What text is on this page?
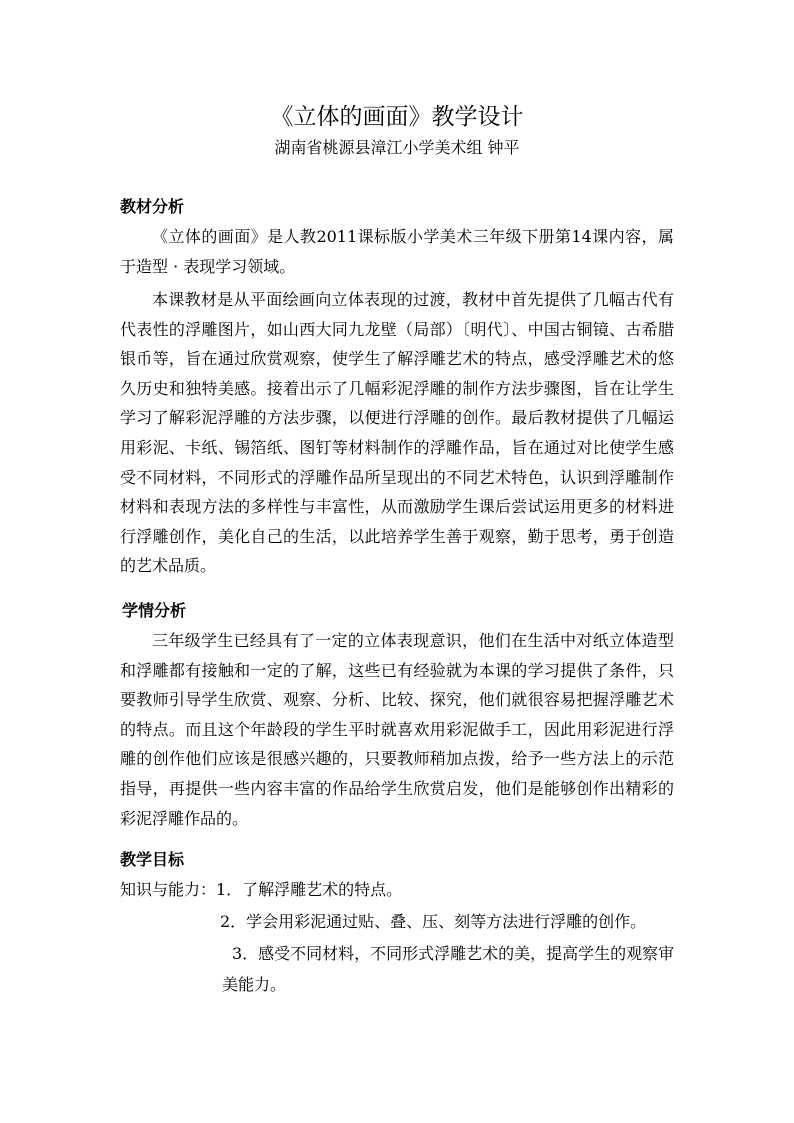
《立体的画面》教学设计
湖南省桃源县漳江小学美术组 钟平
教材分析

《立体的画面》是人教2011课标版小学美术三年级下册第14课内容，属于造型 · 表现学习领域。

本课教材是从平面绘画向立体表现的过渡，教材中首先提供了几幅古代有代表性的浮雕图片，如山西大同九龙壁（局部）〔明代〕、中国古铜镜、古希腊银币等，旨在通过欣赏观察，使学生了解浮雕艺术的特点，感受浮雕艺术的悠久历史和独特美感。接着出示了几幅彩泥浮雕的制作方法步骤图，旨在让学生学习了解彩泥浮雕的方法步骤，以便进行浮雕的创作。最后教材提供了几幅运用彩泥、卡纸、锡箔纸、图钉等材料制作的浮雕作品，旨在通过对比使学生感受不同材料，不同形式的浮雕作品所呈现出的不同艺术特色，认识到浮雕制作材料和表现方法的多样性与丰富性，从而激励学生课后尝试运用更多的材料进行浮雕创作，美化自己的生活，以此培养学生善于观察，勤于思考，勇于创造的艺术品质。

学情分析

三年级学生已经具有了一定的立体表现意识，他们在生活中对纸立体造型和浮雕都有接触和一定的了解，这些已有经验就为本课的学习提供了条件，只要教师引导学生欣赏、观察、分析、比较、探究，他们就很容易把握浮雕艺术的特点。而且这个年龄段的学生平时就喜欢用彩泥做手工，因此用彩泥进行浮雕的创作他们应该是很感兴趣的，只要教师稍加点拨，给予一些方法上的示范指导，再提供一些内容丰富的作品给学生欣赏启发，他们是能够创作出精彩的彩泥浮雕作品的。

教学目标

知识与能力：1．了解浮雕艺术的特点。

2．学会用彩泥通过贴、叠、压、刻等方法进行浮雕的创作。

3．感受不同材料，不同形式浮雕艺术的美，提高学生的观察审

美能力。
